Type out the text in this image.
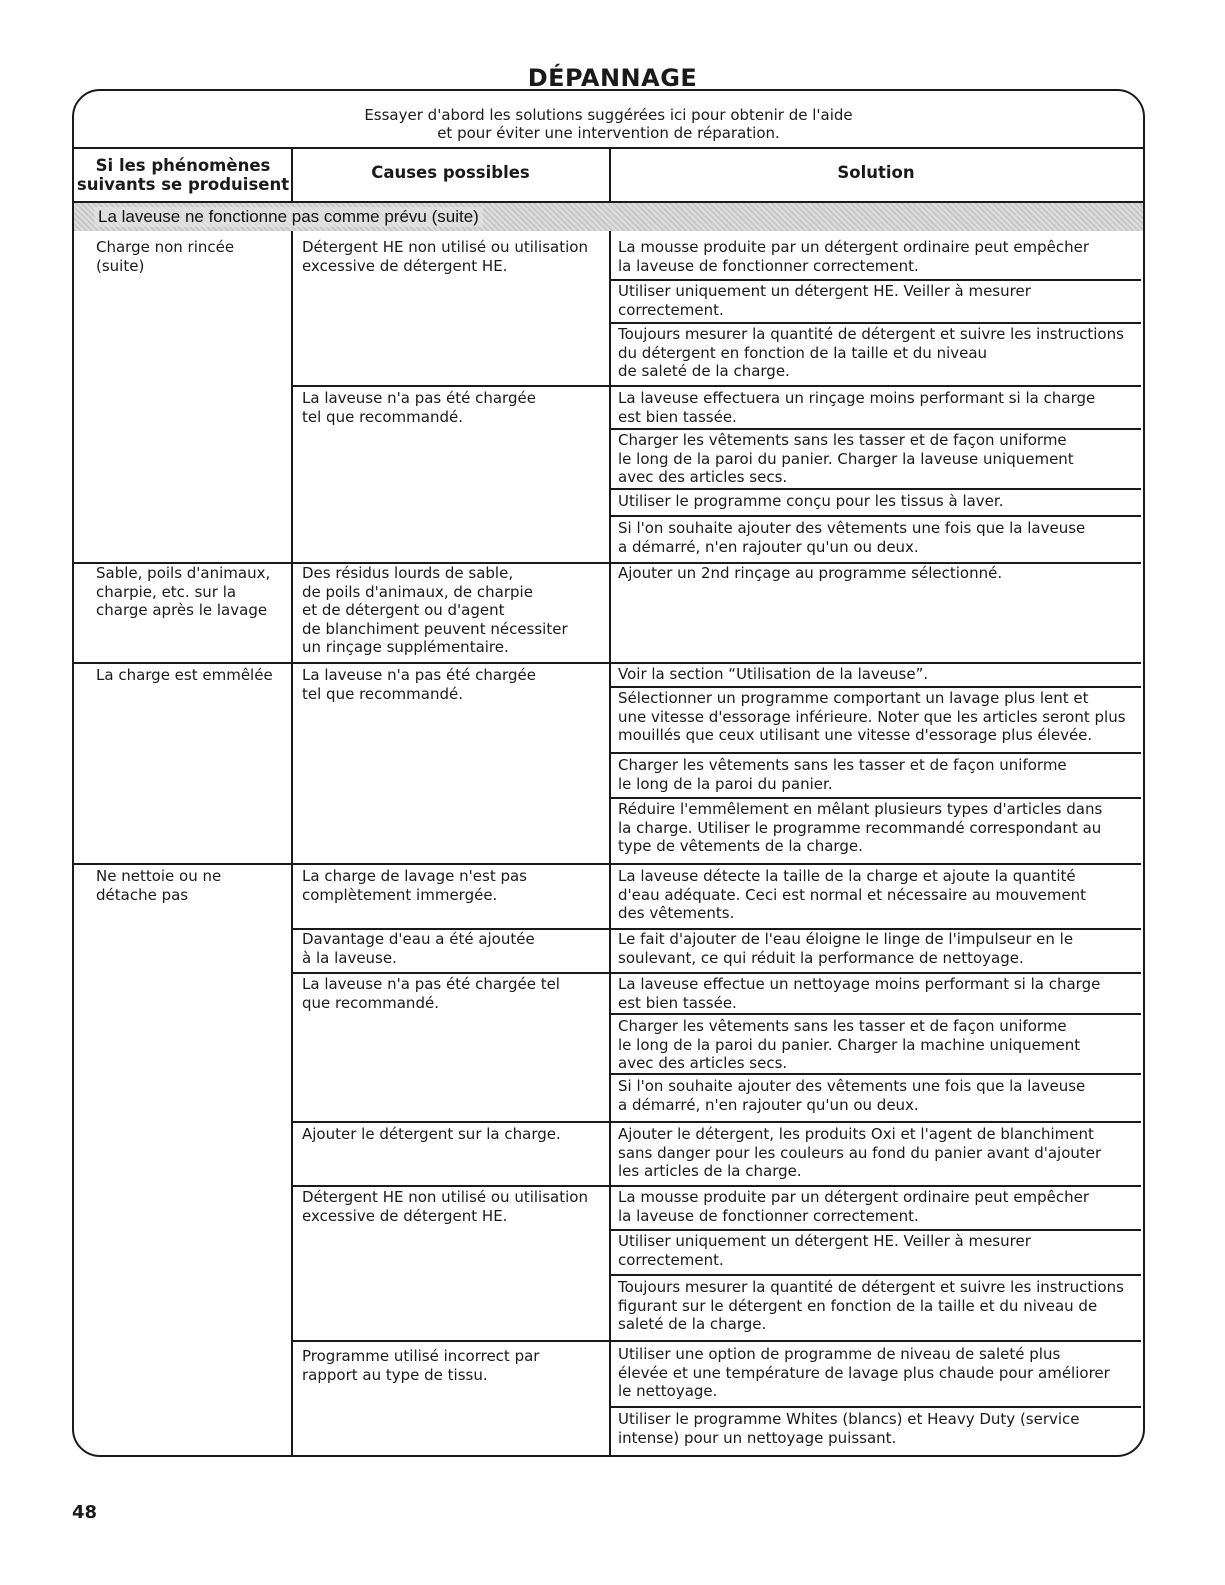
DÉPANNAGE
Essayer d'abord les solutions suggérées ici pour obtenir de l'aide
et pour éviter une intervention de réparation.
Si les phénomènes
suivants se produisent
Causes possibles	Solution
La laveuse ne fonctionne pas comme prévu (suite)
Charge non rincée
(suite)
Sable, poils d'animaux,
charpie, etc. sur la
charge après le lavage
La charge est emmêlée
Ne nettoie ou ne
détache pas
Détergent HE non utilisé ou utilisation
excessive de détergent HE.
La laveuse n'a pas été chargée
tel que recommandé.
Des résidus lourds de sable,
de poils d'animaux, de charpie
et de détergent ou d'agent
de blanchiment peuvent nécessiter
un rinçage supplémentaire.
La laveuse n'a pas été chargée
tel que recommandé.
La charge de lavage n'est pas
complètement immergée.
Davantage d'eau a été ajoutée
à la laveuse.
La laveuse n'a pas été chargée tel
que recommandé.
Ajouter le détergent sur la charge.
Détergent HE non utilisé ou utilisation
excessive de détergent HE.
Programme utilisé incorrect par
rapport au type de tissu.
La mousse produite par un détergent ordinaire peut empêcher
la laveuse de fonctionner correctement.
Utiliser uniquement un détergent HE. Veiller à mesurer
correctement.
Toujours mesurer la quantité de détergent et suivre les instructions
du détergent en fonction de la taille et du niveau
de saleté de la charge.
La laveuse effectuera un rinçage moins performant si la charge
est bien tassée.
Charger les vêtements sans les tasser et de façon uniforme
le long de la paroi du panier. Charger la laveuse uniquement
avec des articles secs.
Utiliser le programme conçu pour les tissus à laver.
Si l'on souhaite ajouter des vêtements une fois que la laveuse
a démarré, n'en rajouter qu'un ou deux.
Ajouter un 2nd rinçage au programme sélectionné.
Voir la section “Utilisation de la laveuse”.
Sélectionner un programme comportant un lavage plus lent et
une vitesse d'essorage inférieure. Noter que les articles seront plus
mouillés que ceux utilisant une vitesse d'essorage plus élevée.
Charger les vêtements sans les tasser et de façon uniforme
le long de la paroi du panier.
Réduire l'emmêlement en mêlant plusieurs types d'articles dans
la charge. Utiliser le programme recommandé correspondant au
type de vêtements de la charge.
La laveuse détecte la taille de la charge et ajoute la quantité
d'eau adéquate. Ceci est normal et nécessaire au mouvement
des vêtements.
Le fait d'ajouter de l'eau éloigne le linge de l'impulseur en le
soulevant, ce qui réduit la performance de nettoyage.
La laveuse effectue un nettoyage moins performant si la charge
est bien tassée.
Charger les vêtements sans les tasser et de façon uniforme
le long de la paroi du panier. Charger la machine uniquement
avec des articles secs.
Si l'on souhaite ajouter des vêtements une fois que la laveuse
a démarré, n'en rajouter qu'un ou deux.
Ajouter le détergent, les produits Oxi et l'agent de blanchiment
sans danger pour les couleurs au fond du panier avant d'ajouter
les articles de la charge.
La mousse produite par un détergent ordinaire peut empêcher
la laveuse de fonctionner correctement.
Utiliser uniquement un détergent HE. Veiller à mesurer
correctement.
Toujours mesurer la quantité de détergent et suivre les instructions
figurant sur le détergent en fonction de la taille et du niveau de
saleté de la charge.
Utiliser une option de programme de niveau de saleté plus
élevée et une température de lavage plus chaude pour améliorer
le nettoyage.
Utiliser le programme Whites (blancs) et Heavy Duty (service
intense) pour un nettoyage puissant.
48
